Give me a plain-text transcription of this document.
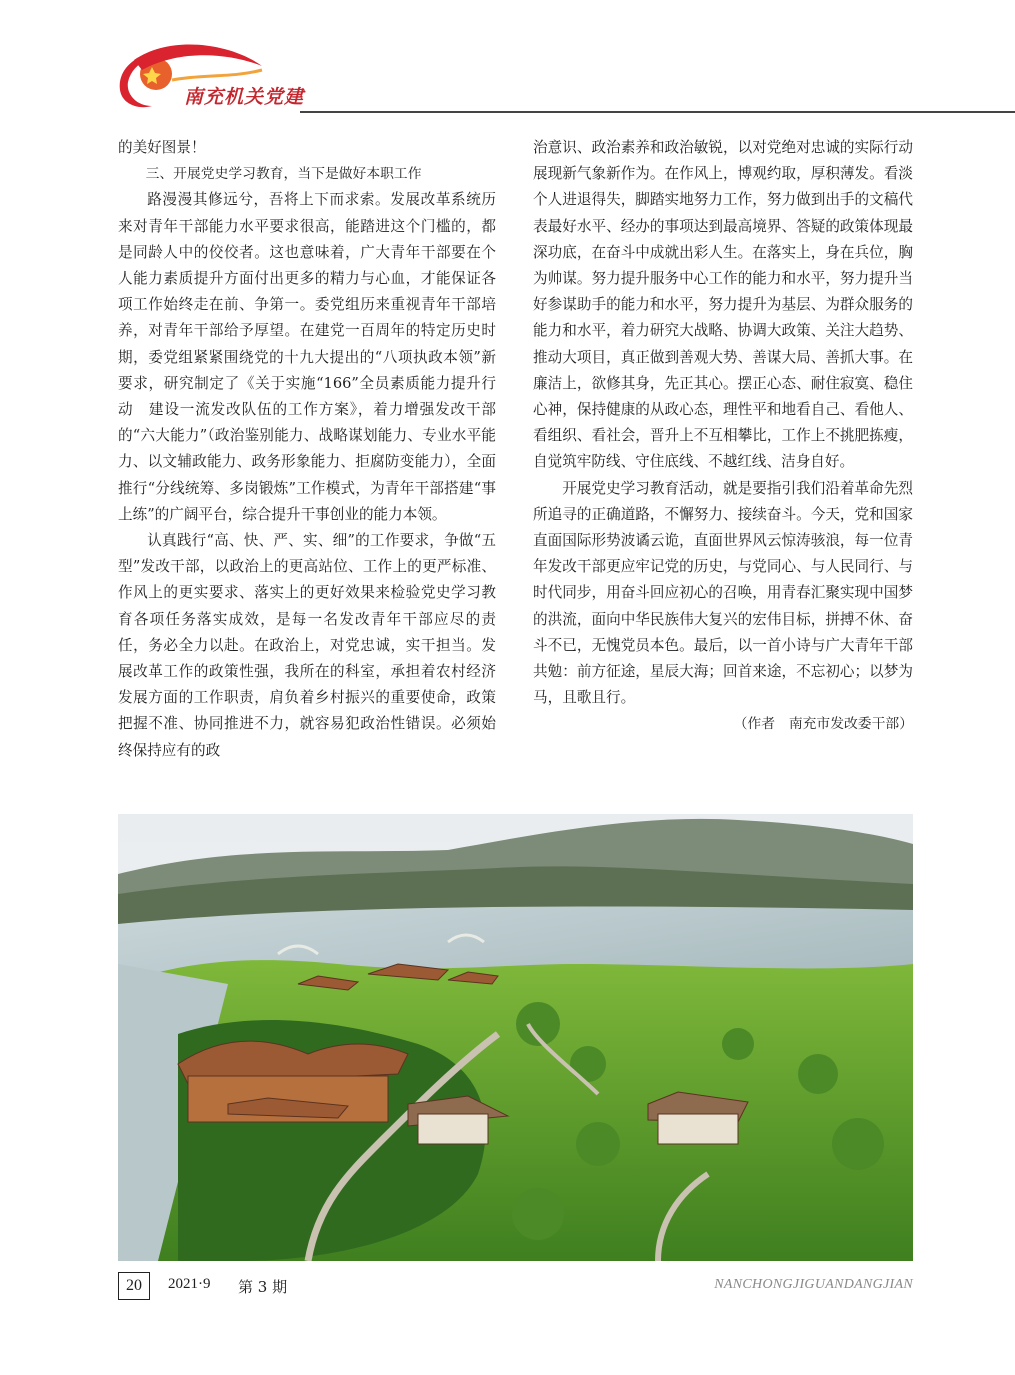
南充机关党建

的美好图景！

三、开展党史学习教育，当下是做好本职工作

路漫漫其修远兮，吾将上下而求索。发展改革系统历来对青年干部能力水平要求很高，能踏进这个门槛的，都是同龄人中的佼佼者。这也意味着，广大青年干部要在个人能力素质提升方面付出更多的精力与心血，才能保证各项工作始终走在前、争第一。委党组历来重视青年干部培养，对青年干部给予厚望。在建党一百周年的特定历史时期，委党组紧紧围绕党的十九大提出的“八项执政本领”新要求，研究制定了《关于实施“166”全员素质能力提升行动　建设一流发改队伍的工作方案》，着力增强发改干部的“六大能力”（政治鉴别能力、战略谋划能力、专业水平能力、以文辅政能力、政务形象能力、拒腐防变能力），全面推行“分线统筹、多岗锻炼”工作模式，为青年干部搭建“事上练”的广阔平台，综合提升干事创业的能力本领。

认真践行“高、快、严、实、细”的工作要求，争做“五型”发改干部，以政治上的更高站位、工作上的更严标准、作风上的更实要求、落实上的更好效果来检验党史学习教育各项任务落实成效，是每一名发改青年干部应尽的责任，务必全力以赴。在政治上，对党忠诚，实干担当。发展改革工作的政策性强，我所在的科室，承担着农村经济发展方面的工作职责，肩负着乡村振兴的重要使命，政策把握不准、协同推进不力，就容易犯政治性错误。必须始终保持应有的政

治意识、政治素养和政治敏锐，以对党绝对忠诚的实际行动展现新气象新作为。在作风上，博观约取，厚积薄发。看淡个人进退得失，脚踏实地努力工作，努力做到出手的文稿代表最好水平、经办的事项达到最高境界、答疑的政策体现最深功底，在奋斗中成就出彩人生。在落实上，身在兵位，胸为帅谋。努力提升服务中心工作的能力和水平，努力提升当好参谋助手的能力和水平，努力提升为基层、为群众服务的能力和水平，着力研究大战略、协调大政策、关注大趋势、推动大项目，真正做到善观大势、善谋大局、善抓大事。在廉洁上，欲修其身，先正其心。摆正心态、耐住寂寞、稳住心神，保持健康的从政心态，理性平和地看自己、看他人、看组织、看社会，晋升上不互相攀比，工作上不挑肥拣瘦，自觉筑牢防线、守住底线、不越红线、洁身自好。

开展党史学习教育活动，就是要指引我们沿着革命先烈所追寻的正确道路，不懈努力、接续奋斗。今天，党和国家直面国际形势波谲云诡，直面世界风云惊涛骇浪，每一位青年发改干部更应牢记党的历史，与党同心、与人民同行、与时代同步，用奋斗回应初心的召唤，用青春汇聚实现中国梦的洪流，面向中华民族伟大复兴的宏伟目标，拼搏不休、奋斗不已，无愧党员本色。最后，以一首小诗与广大青年干部共勉：前方征途，星辰大海；回首来途，不忘初心；以梦为马，且歌且行。

（作者　南充市发改委干部）
20	2021·9 第 3 期	NANCHONGJIGUANDANGJIAN
